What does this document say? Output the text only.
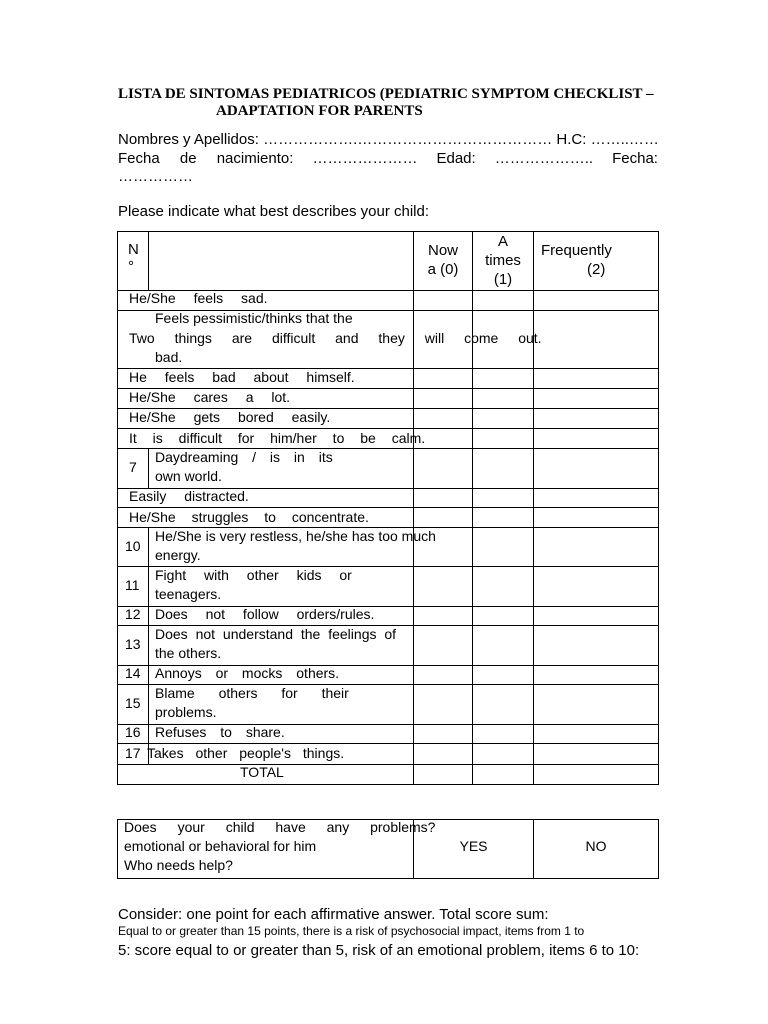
LISTA DE SINTOMAS PEDIATRICOS (PEDIATRIC SYMPTOM CHECKLIST –
ADAPTATION FOR PARENTS
Nombres y Apellidos: ……………….………………………………… H.C: ……..……
Fecha de nacimiento: ………………… Edad: ……………….. Fecha:
……………
Please indicate what best describes your child:
N
°
Now
a (0)
A
times
(1)
Frequently
(2)
He/She feels sad.
Feels pessimistic/thinks that the
Two things are difficult and they will come out.
bad.
He feels bad about himself.
He/She cares a lot.
He/She gets bored easily.
It is difficult for him/her to be calm.
7
Daydreaming / is in its
own world.
Easily distracted.
He/She struggles to concentrate.
10
He/She is very restless, he/she has too much
energy.
11
Fight with other kids or
teenagers.
12 Does not follow orders/rules.
13
Does not understand the feelings of
the others.
14 Annoys or mocks others.
15
Blame others for their
problems.
16 Refuses to share.
17 Takes other people's things.
TOTAL
Does your child have any problems?
emotional or behavioral for him
Who needs help?
YES	NO
Consider: one point for each affirmative answer. Total score sum:
Equal to or greater than 15 points, there is a risk of psychosocial impact, items from 1 to
5: score equal to or greater than 5, risk of an emotional problem, items 6 to 10:
